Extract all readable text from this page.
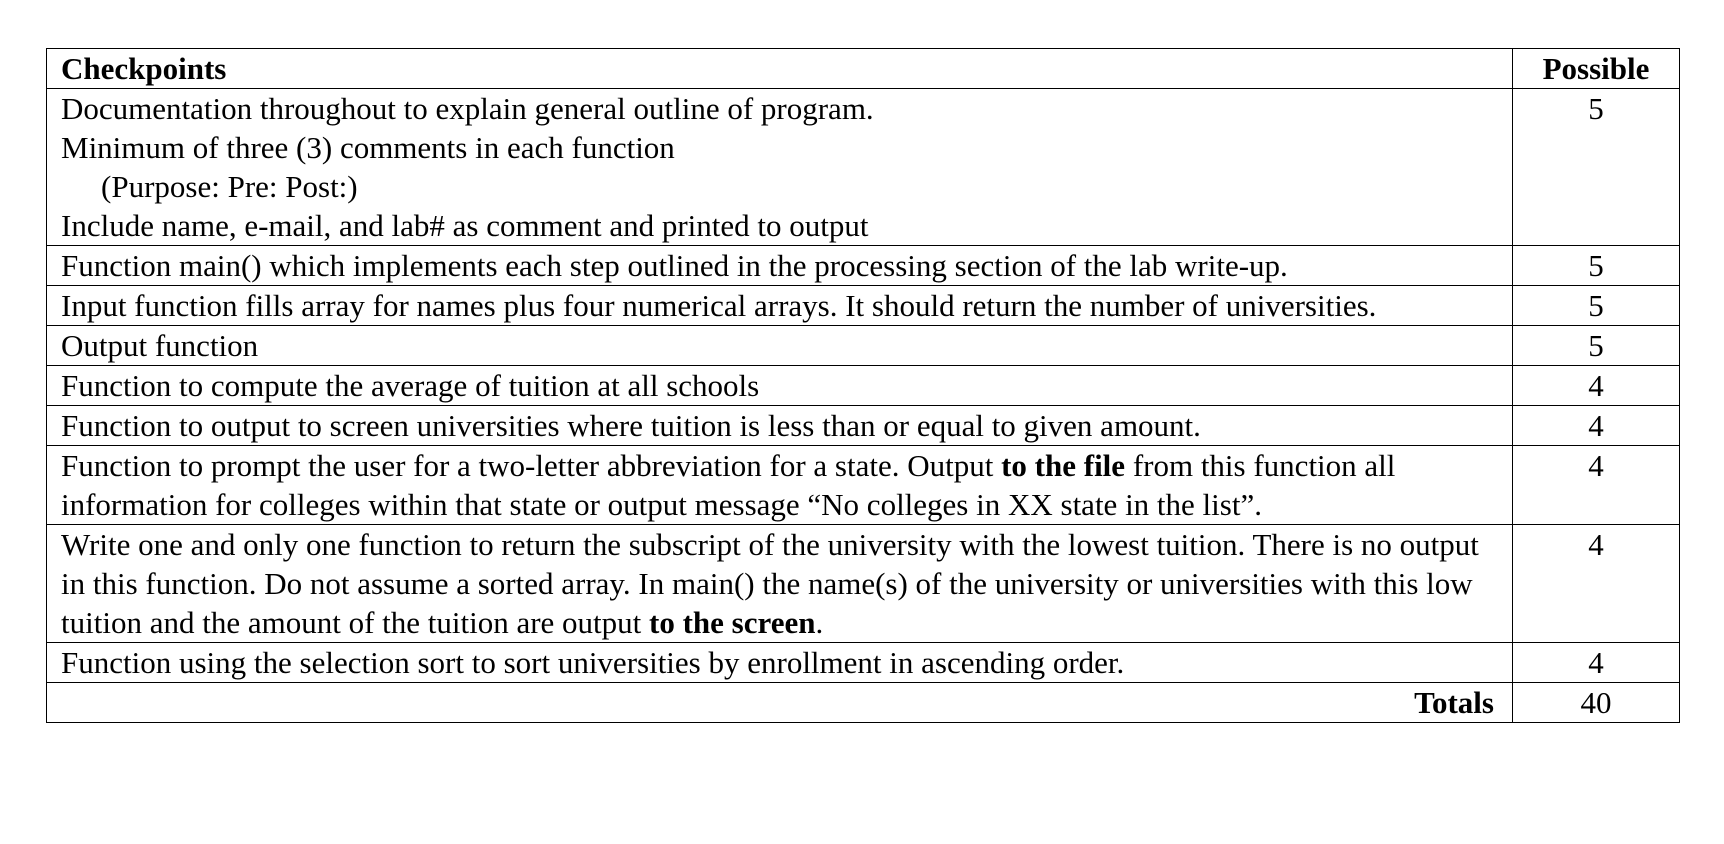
Checkpoints	Possible

Documentation throughout to explain general outline of program.
Minimum of three (3) comments in each function
(Purpose: Pre: Post:)
Include name, e-mail, and lab# as comment and printed to output	5
Function main() which implements each step outlined in the processing section of the lab write-up.	5
Input function fills array for names plus four numerical arrays. It should return the number of universities.	5
Output function	5
Function to compute the average of tuition at all schools	4
Function to output to screen universities where tuition is less than or equal to given amount.	4
Function to prompt the user for a two-letter abbreviation for a state. Output to the file from this function all information for colleges within that state or output message “No colleges in XX state in the list”.	4
Write one and only one function to return the subscript of the university with the lowest tuition. There is no output in this function. Do not assume a sorted array. In main() the name(s) of the university or universities with this low tuition and the amount of the tuition are output to the screen.	4
Function using the selection sort to sort universities by enrollment in ascending order.	4
Totals	40
